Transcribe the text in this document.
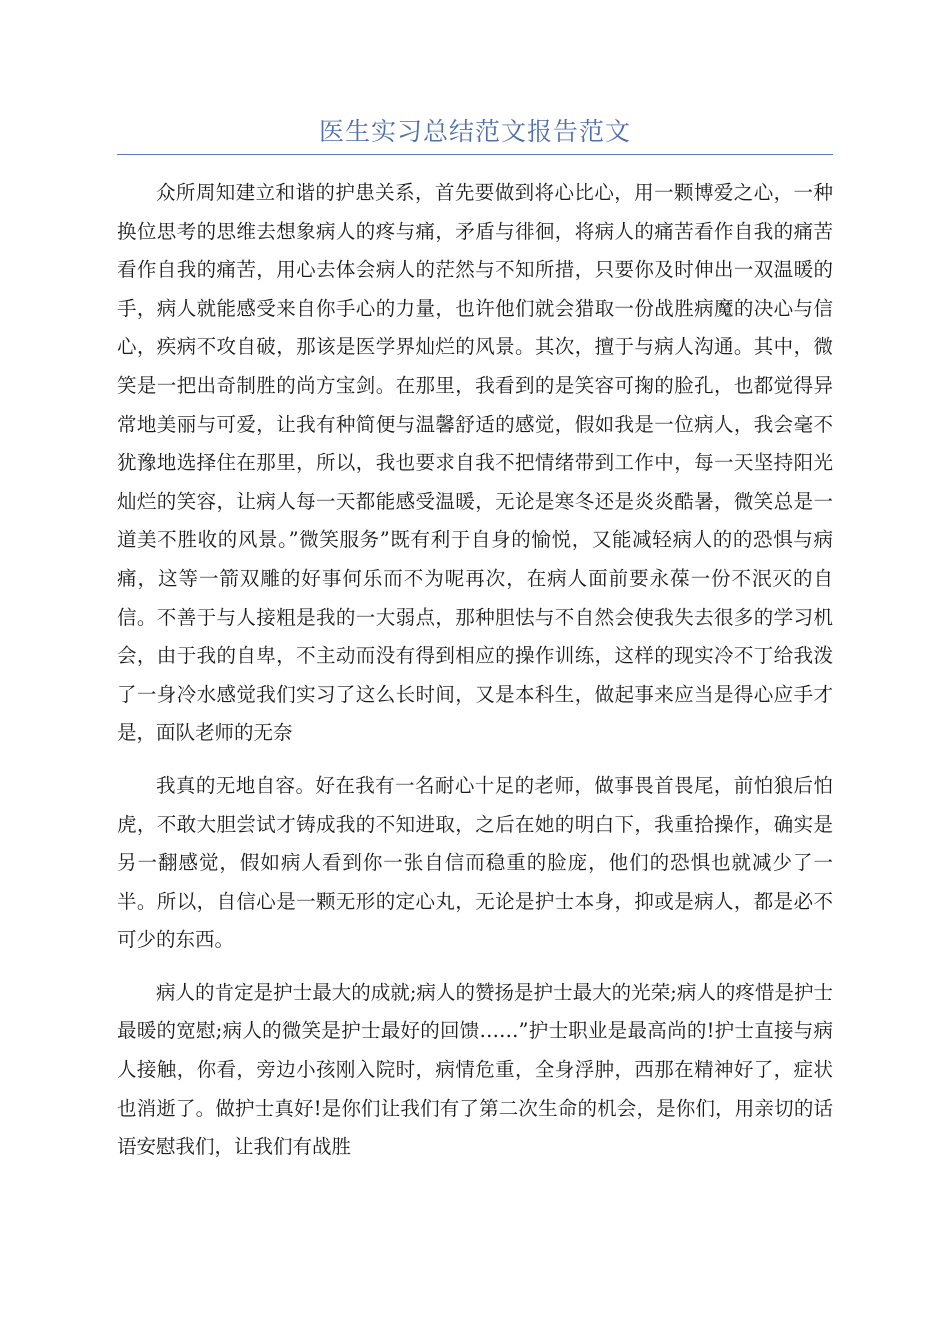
医生实习总结范文报告范文

众所周知建立和谐的护患关系，首先要做到将心比心，用一颗博爱之心，一种换位思考的思维去想象病人的疼与痛，矛盾与徘徊，将病人的痛苦看作自我的痛苦看作自我的痛苦，用心去体会病人的茫然与不知所措，只要你及时伸出一双温暖的手，病人就能感受来自你手心的力量，也许他们就会猎取一份战胜病魔的决心与信心，疾病不攻自破，那该是医学界灿烂的风景。其次，擅于与病人沟通。其中，微笑是一把出奇制胜的尚方宝剑。在那里，我看到的是笑容可掬的脸孔，也都觉得异常地美丽与可爱，让我有种简便与温馨舒适的感觉，假如我是一位病人，我会毫不犹豫地选择住在那里，所以，我也要求自我不把情绪带到工作中，每一天坚持阳光灿烂的笑容，让病人每一天都能感受温暖，无论是寒冬还是炎炎酷暑，微笑总是一道美不胜收的风景。”微笑服务”既有利于自身的愉悦，又能减轻病人的的恐惧与病痛，这等一箭双雕的好事何乐而不为呢再次，在病人面前要永葆一份不泯灭的自信。不善于与人接粗是我的一大弱点，那种胆怯与不自然会使我失去很多的学习机会，由于我的自卑，不主动而没有得到相应的操作训练，这样的现实冷不丁给我泼了一身冷水感觉我们实习了这么长时间，又是本科生，做起事来应当是得心应手才是，面队老师的无奈

我真的无地自容。好在我有一名耐心十足的老师，做事畏首畏尾，前怕狼后怕虎，不敢大胆尝试才铸成我的不知进取，之后在她的明白下，我重拾操作，确实是另一翻感觉，假如病人看到你一张自信而稳重的脸庞，他们的恐惧也就减少了一半。所以，自信心是一颗无形的定心丸，无论是护士本身，抑或是病人，都是必不可少的东西。

病人的肯定是护士最大的成就;病人的赞扬是护士最大的光荣;病人的疼惜是护士最暖的宽慰;病人的微笑是护士最好的回馈……”护士职业是最高尚的!护士直接与病人接触，你看，旁边小孩刚入院时，病情危重，全身浮肿，西那在精神好了，症状也消逝了。做护士真好!是你们让我们有了第二次生命的机会，是你们，用亲切的话语安慰我们，让我们有战胜
